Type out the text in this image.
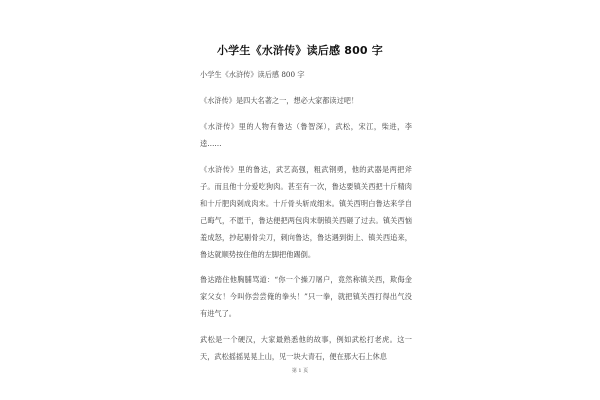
小学生《水浒传》读后感 800 字

小学生《水浒传》读后感 800 字

《水浒传》是四大名著之一，想必大家都读过吧！

《水浒传》里的人物有鲁达（鲁智深），武松，宋江，柴进，李逵……

《水浒传》里的鲁达，武艺高强，粗武钢勇，他的武器是两把斧子。而且他十分爱吃狗肉。甚至有一次，鲁达要镇关西把十斤精肉和十斤肥肉剁成肉末。十斤骨头斩成细末。镇关西明白鲁达来学自己晦气，不愿干，鲁达便把两包肉末朝镇关西砸了过去。镇关西恼羞成怒，抄起剔骨尖刀，刺向鲁达，鲁达遇到街上、镇关西追来，鲁达就顺势按住他的左脚把他踢倒。

鲁达踏住他胸脯骂道：“你一个操刀屠户，竟然称镇关西，欺侮金家父女！今叫你尝尝俺的拳头！”只一拳，就把镇关西打得出气没有进气了。

武松是一个硬汉，大家最熟悉他的故事，例如武松打老虎。这一天，武松摇摇晃晃上山，见一块大青石，便在那大石上休息

第 1 页
